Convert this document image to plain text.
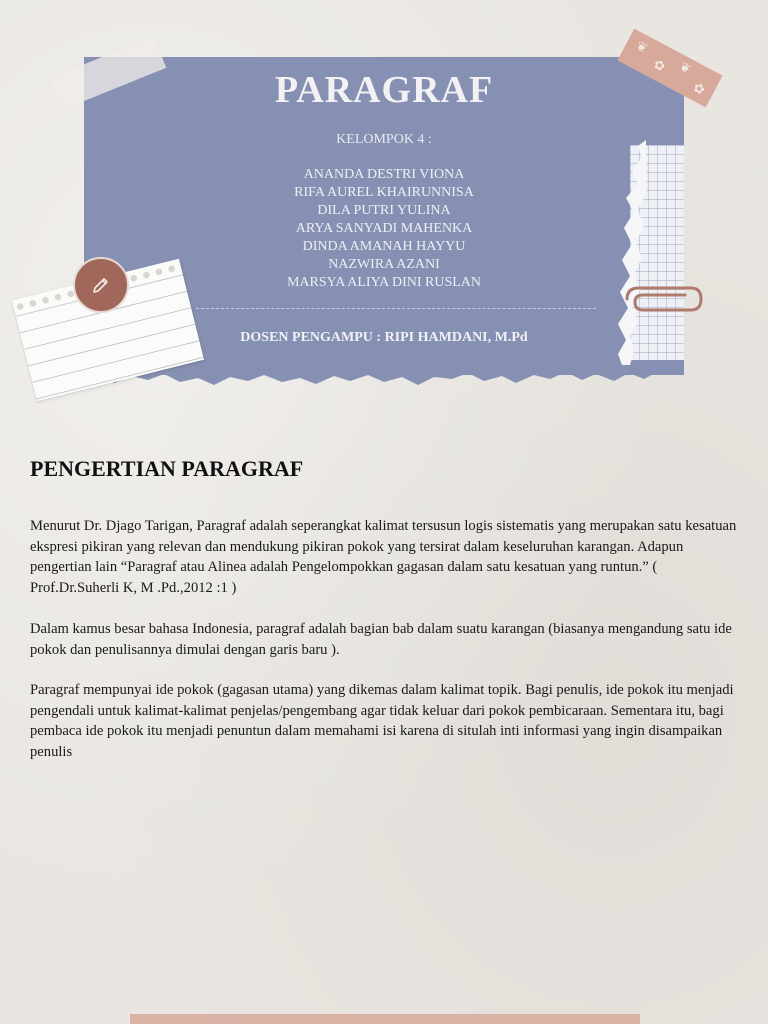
❦
✿ ❦
✿
PARAGRAF
KELOMPOK 4 :
ANANDA DESTRI VIONA
RIFA AUREL KHAIRUNNISA
DILA PUTRI YULINA
ARYA SANYADI MAHENKA
DINDA AMANAH HAYYU
NAZWIRA AZANI
MARSYA ALIYA DINI RUSLAN
DOSEN PENGAMPU : RIPI HAMDANI, M.Pd
PENGERTIAN PARAGRAF

Menurut Dr. Djago Tarigan, Paragraf adalah seperangkat kalimat tersusun logis sistematis yang merupakan satu kesatuan ekspresi pikiran yang relevan dan mendukung pikiran pokok yang tersirat dalam keseluruhan karangan. Adapun pengertian lain “Paragraf atau Alinea adalah Pengelompokkan gagasan dalam satu kesatuan yang runtun.” ( Prof.Dr.Suherli K, M .Pd.,2012 :1 )

Dalam kamus besar bahasa Indonesia, paragraf adalah bagian bab dalam suatu karangan (biasanya mengandung satu ide pokok dan penulisannya dimulai dengan garis baru ).

Paragraf mempunyai ide pokok (gagasan utama) yang dikemas dalam kalimat topik. Bagi penulis, ide pokok itu menjadi pengendali untuk kalimat-kalimat penjelas/pengembang agar tidak keluar dari pokok pembicaraan. Sementara itu, bagi pembaca ide pokok itu menjadi penuntun dalam memahami isi karena di situlah inti informasi yang ingin disampaikan penulis
